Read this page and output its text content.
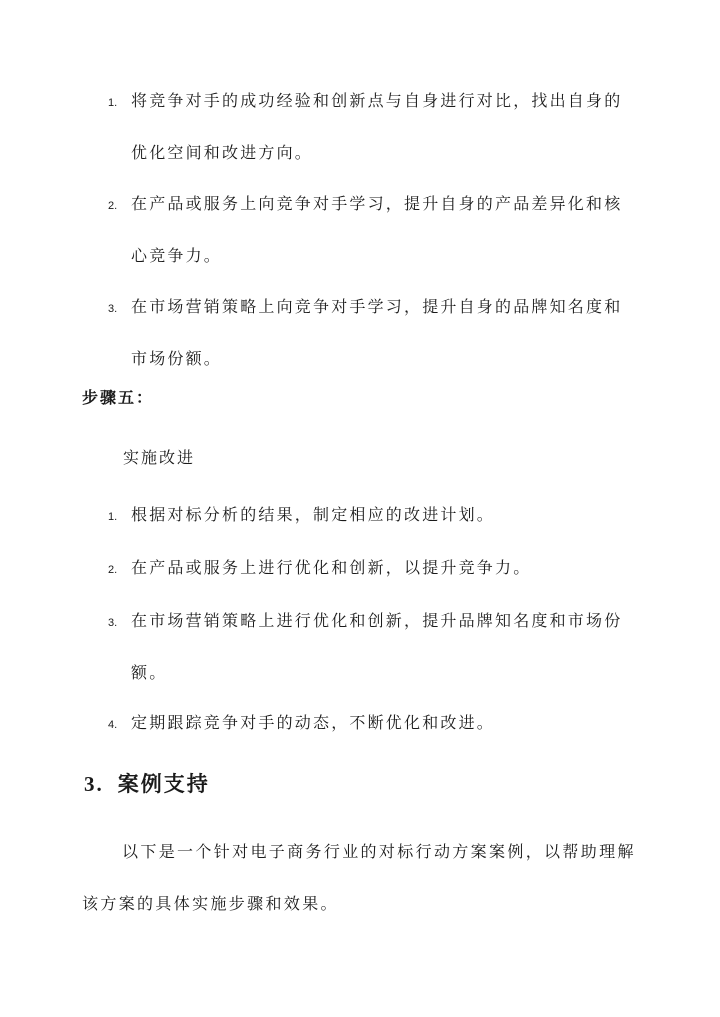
1. 将竞争对手的成功经验和创新点与自身进行对比，找出自身的优化空间和改进方向。
2. 在产品或服务上向竞争对手学习，提升自身的产品差异化和核心竞争力。
3. 在市场营销策略上向竞争对手学习，提升自身的品牌知名度和市场份额。
步骤五：
实施改进
1. 根据对标分析的结果，制定相应的改进计划。
2. 在产品或服务上进行优化和创新，以提升竞争力。
3. 在市场营销策略上进行优化和创新，提升品牌知名度和市场份额。
4. 定期跟踪竞争对手的动态，不断优化和改进。
3. 案例支持
以下是一个针对电子商务行业的对标行动方案案例，以帮助理解该方案的具体实施步骤和效果。
